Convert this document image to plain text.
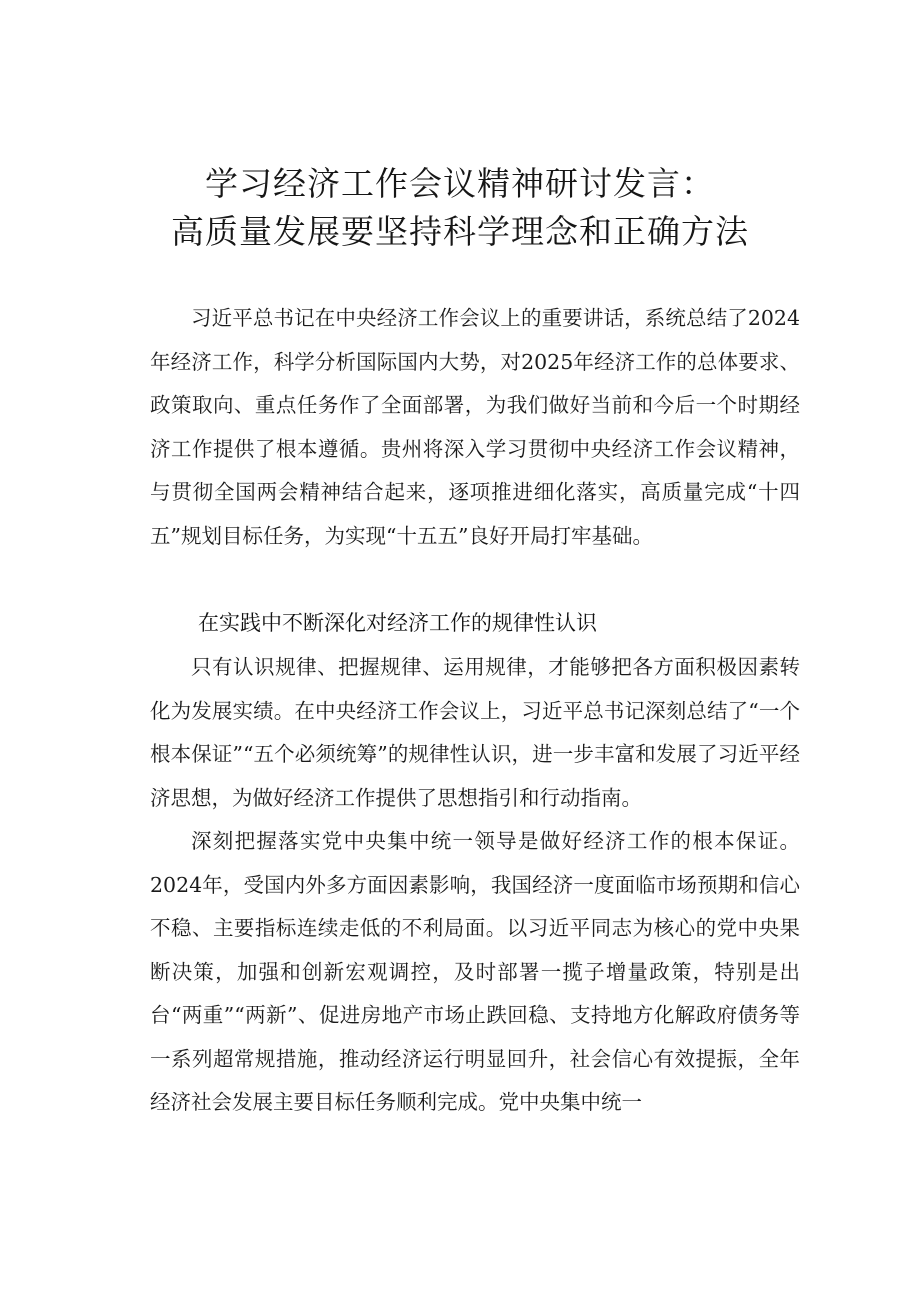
学习经济工作会议精神研讨发言：
高质量发展要坚持科学理念和正确方法

习近平总书记在中央经济工作会议上的重要讲话，系统总结了2024年经济工作，科学分析国际国内大势，对2025年经济工作的总体要求、政策取向、重点任务作了全面部署，为我们做好当前和今后一个时期经济工作提供了根本遵循。贵州将深入学习贯彻中央经济工作会议精神，与贯彻全国两会精神结合起来，逐项推进细化落实，高质量完成“十四五”规划目标任务，为实现“十五五”良好开局打牢基础。

在实践中不断深化对经济工作的规律性认识

只有认识规律、把握规律、运用规律，才能够把各方面积极因素转化为发展实绩。在中央经济工作会议上，习近平总书记深刻总结了“一个根本保证”“五个必须统筹”的规律性认识，进一步丰富和发展了习近平经济思想，为做好经济工作提供了思想指引和行动指南。

深刻把握落实党中央集中统一领导是做好经济工作的根本保证。2024年，受国内外多方面因素影响，我国经济一度面临市场预期和信心不稳、主要指标连续走低的不利局面。以习近平同志为核心的党中央果断决策，加强和创新宏观调控，及时部署一揽子增量政策，特别是出台“两重”“两新”、促进房地产市场止跌回稳、支持地方化解政府债务等一系列超常规措施，推动经济运行明显回升，社会信心有效提振，全年经济社会发展主要目标任务顺利完成。党中央集中统一
